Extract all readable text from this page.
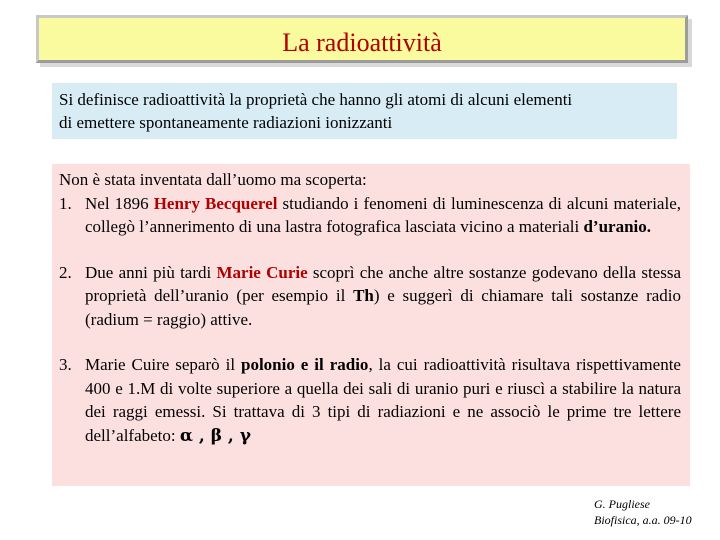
La radioattività
Si definisce radioattività la proprietà che hanno gli atomi di alcuni elementi
di emettere spontaneamente radiazioni ionizzanti
Non è stata inventata dall’uomo ma scoperta:
1. Nel 1896 Henry Becquerel studiando i fenomeni di luminescenza di alcuni materiale, collegò l’annerimento di una lastra fotografica lasciata vicino a materiali d’uranio.
2. Due anni più tardi Marie Curie scoprì che anche altre sostanze godevano della stessa proprietà dell’uranio (per esempio il Th) e suggerì di chiamare tali sostanze radio (radium = raggio) attive.
3. Marie Cuire separò il polonio e il radio, la cui radioattività risultava rispettivamente 400 e 1.M di volte superiore a quella dei sali di uranio puri e riuscì a stabilire la natura dei raggi emessi. Si trattava di 3 tipi di radiazioni e ne associò le prime tre lettere dell’alfabeto: α , β , γ
G. Pugliese
Biofisica, a.a. 09-10
